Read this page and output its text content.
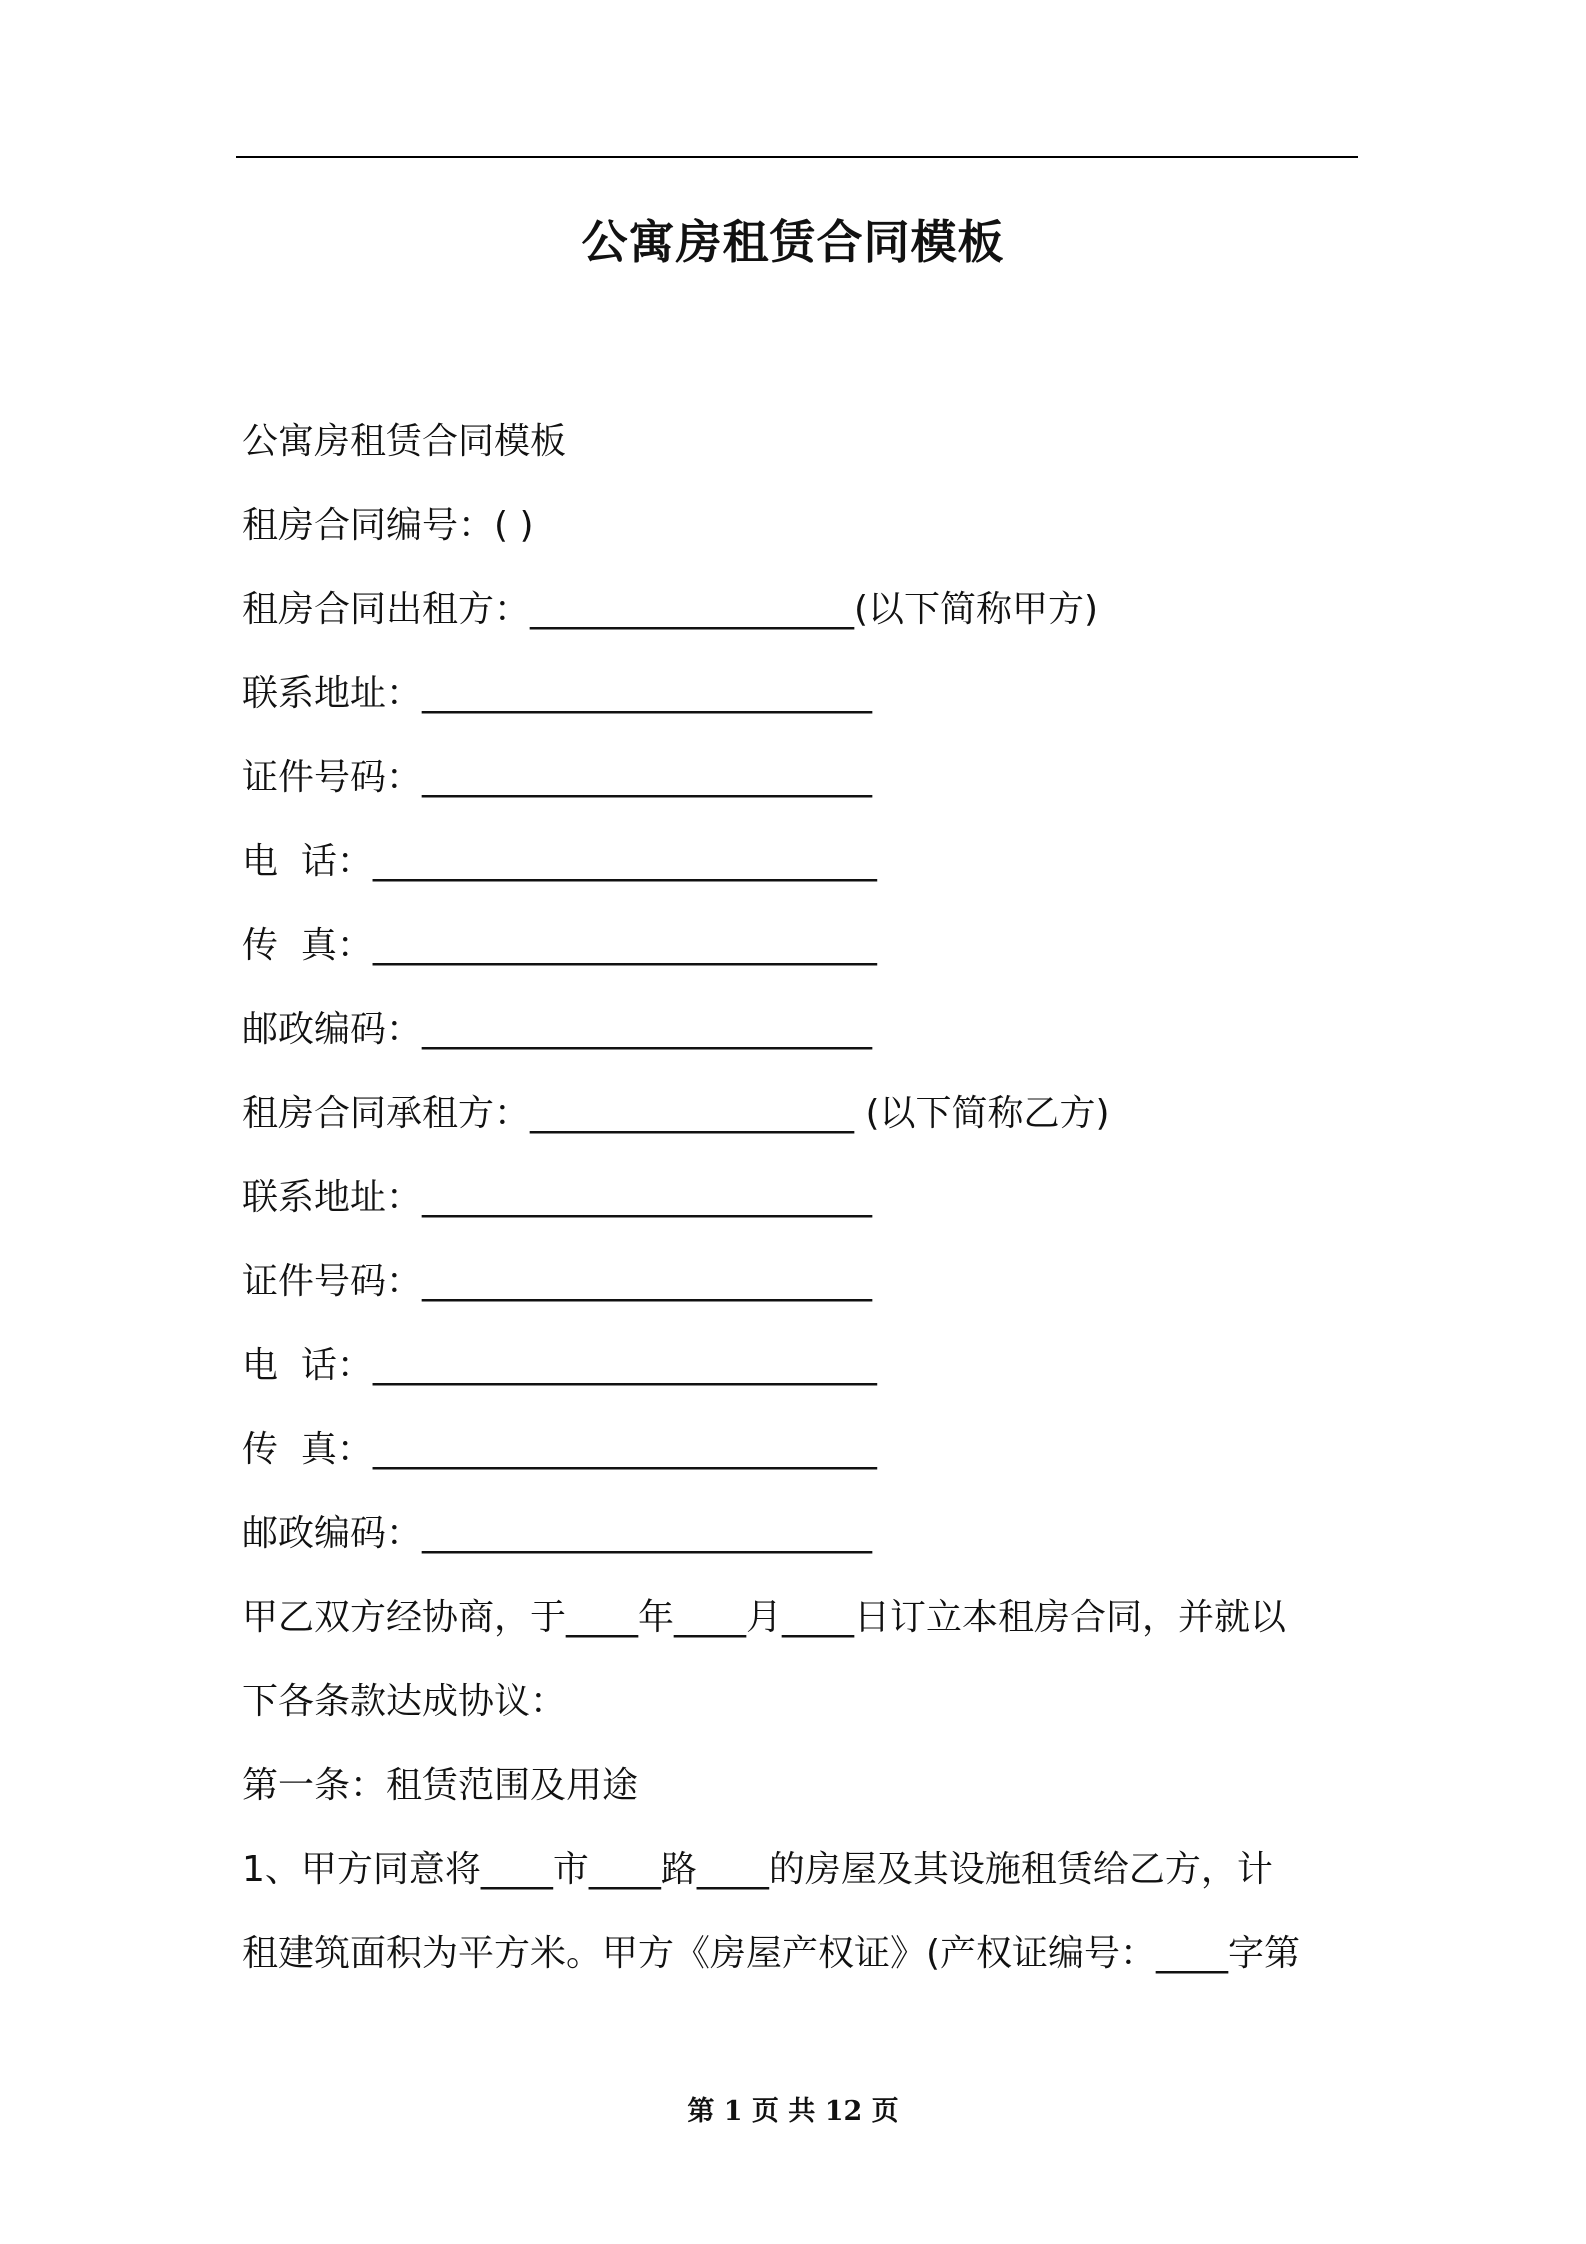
公寓房租赁合同模板
公寓房租赁合同模板
租房合同编号：( )
租房合同出租方：__________________(以下简称甲方)
联系地址：_________________________
证件号码：_________________________
电  话：____________________________
传  真：____________________________
邮政编码：_________________________
租房合同承租方：__________________ (以下简称乙方)
联系地址：_________________________
证件号码：_________________________
电  话：____________________________
传  真：____________________________
邮政编码：_________________________
甲乙双方经协商，于____年____月____日订立本租房合同，并就以
下各条款达成协议：
第一条：租赁范围及用途
1、甲方同意将____市____路____的房屋及其设施租赁给乙方，计
租建筑面积为平方米。甲方《房屋产权证》(产权证编号：____字第
第 1 页 共 12 页
